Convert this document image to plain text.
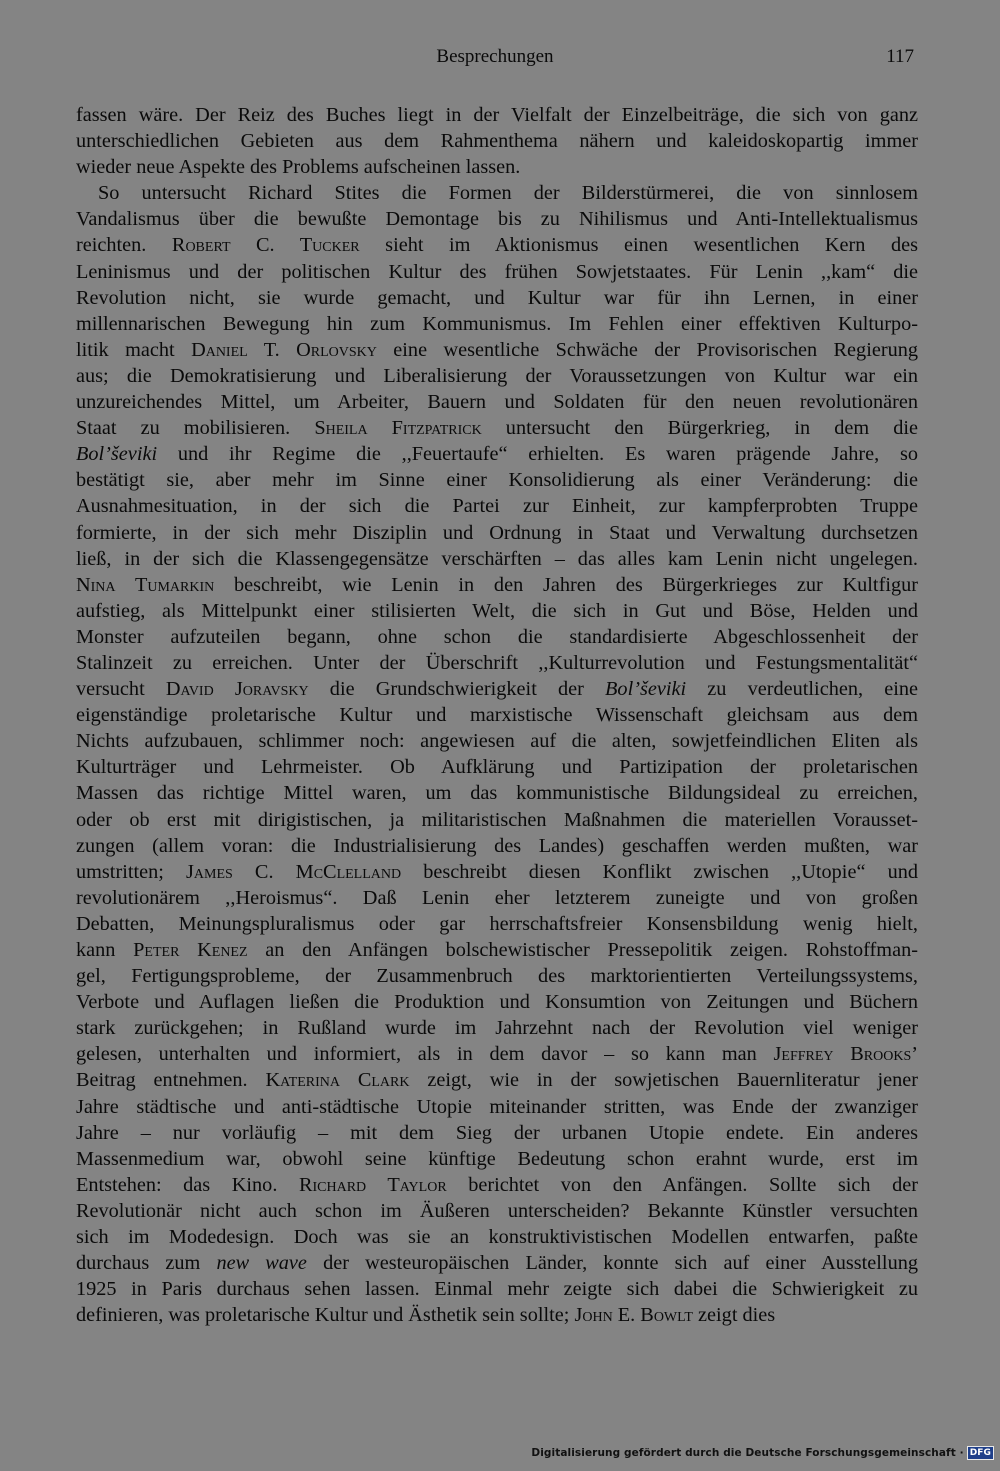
Besprechungen	117
fassen wäre. Der Reiz des Buches liegt in der Vielfalt der Einzelbeiträge, die sich von ganz
unterschiedlichen Gebieten aus dem Rahmenthema nähern und kaleidoskopartig immer
wieder neue Aspekte des Problems aufscheinen lassen.
So untersucht Richard Stites die Formen der Bilderstürmerei, die von sinnlosem
Vandalismus über die bewußte Demontage bis zu Nihilismus und Anti-Intellektualismus
reichten. Robert C. Tucker sieht im Aktionismus einen wesentlichen Kern des
Leninismus und der politischen Kultur des frühen Sowjetstaates. Für Lenin ,,kam“ die
Revolution nicht, sie wurde gemacht, und Kultur war für ihn Lernen, in einer
millennarischen Bewegung hin zum Kommunismus. Im Fehlen einer effektiven Kulturpo-
litik macht Daniel T. Orlovsky eine wesentliche Schwäche der Provisorischen Regierung
aus; die Demokratisierung und Liberalisierung der Voraussetzungen von Kultur war ein
unzureichendes Mittel, um Arbeiter, Bauern und Soldaten für den neuen revolutionären
Staat zu mobilisieren. Sheila Fitzpatrick untersucht den Bürgerkrieg, in dem die
Bol’ševiki und ihr Regime die ,,Feuertaufe“ erhielten. Es waren prägende Jahre, so
bestätigt sie, aber mehr im Sinne einer Konsolidierung als einer Veränderung: die
Ausnahmesituation, in der sich die Partei zur Einheit, zur kampferprobten Truppe
formierte, in der sich mehr Disziplin und Ordnung in Staat und Verwaltung durchsetzen
ließ, in der sich die Klassengegensätze verschärften – das alles kam Lenin nicht ungelegen.
Nina Tumarkin beschreibt, wie Lenin in den Jahren des Bürgerkrieges zur Kultfigur
aufstieg, als Mittelpunkt einer stilisierten Welt, die sich in Gut und Böse, Helden und
Monster aufzuteilen begann, ohne schon die standardisierte Abgeschlossenheit der
Stalinzeit zu erreichen. Unter der Überschrift ,,Kulturrevolution und Festungsmentalität“
versucht David Joravsky die Grundschwierigkeit der Bol’ševiki zu verdeutlichen, eine
eigenständige proletarische Kultur und marxistische Wissenschaft gleichsam aus dem
Nichts aufzubauen, schlimmer noch: angewiesen auf die alten, sowjetfeindlichen Eliten als
Kulturträger und Lehrmeister. Ob Aufklärung und Partizipation der proletarischen
Massen das richtige Mittel waren, um das kommunistische Bildungsideal zu erreichen,
oder ob erst mit dirigistischen, ja militaristischen Maßnahmen die materiellen Vorausset-
zungen (allem voran: die Industrialisierung des Landes) geschaffen werden mußten, war
umstritten; James C. McClelland beschreibt diesen Konflikt zwischen ,,Utopie“ und
revolutionärem ,,Heroismus“. Daß Lenin eher letzterem zuneigte und von großen
Debatten, Meinungspluralismus oder gar herrschaftsfreier Konsensbildung wenig hielt,
kann Peter Kenez an den Anfängen bolschewistischer Pressepolitik zeigen. Rohstoffman-
gel, Fertigungsprobleme, der Zusammenbruch des marktorientierten Verteilungssystems,
Verbote und Auflagen ließen die Produktion und Konsumtion von Zeitungen und Büchern
stark zurückgehen; in Rußland wurde im Jahrzehnt nach der Revolution viel weniger
gelesen, unterhalten und informiert, als in dem davor – so kann man Jeffrey Brooks’
Beitrag entnehmen. Katerina Clark zeigt, wie in der sowjetischen Bauernliteratur jener
Jahre städtische und anti-städtische Utopie miteinander stritten, was Ende der zwanziger
Jahre – nur vorläufig – mit dem Sieg der urbanen Utopie endete. Ein anderes
Massenmedium war, obwohl seine künftige Bedeutung schon erahnt wurde, erst im
Entstehen: das Kino. Richard Taylor berichtet von den Anfängen. Sollte sich der
Revolutionär nicht auch schon im Äußeren unterscheiden? Bekannte Künstler versuchten
sich im Modedesign. Doch was sie an konstruktivistischen Modellen entwarfen, paßte
durchaus zum new wave der westeuropäischen Länder, konnte sich auf einer Ausstellung
1925 in Paris durchaus sehen lassen. Einmal mehr zeigte sich dabei die Schwierigkeit zu
definieren, was proletarische Kultur und Ästhetik sein sollte; John E. Bowlt zeigt dies
Digitalisierung gefördert durch die Deutsche Forschungsgemeinschaft · DFG
